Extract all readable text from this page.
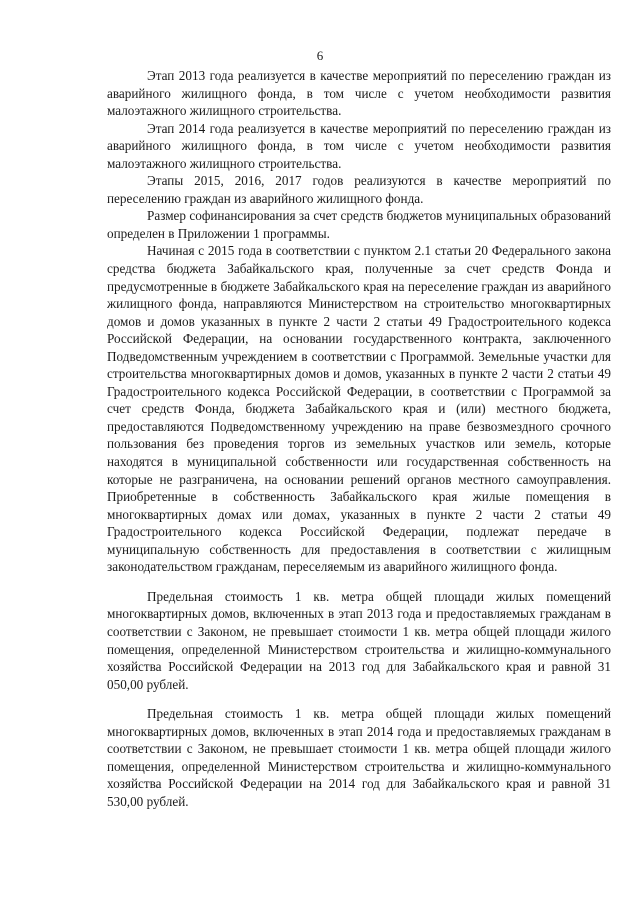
6

Этап 2013 года реализуется в качестве мероприятий по переселению граждан из аварийного жилищного фонда, в том числе с учетом необходимости развития малоэтажного жилищного строительства.

Этап 2014 года реализуется в качестве мероприятий по переселению граждан из аварийного жилищного фонда, в том числе с учетом необходимости развития малоэтажного жилищного строительства.

Этапы 2015, 2016, 2017 годов реализуются в качестве мероприятий по переселению граждан из аварийного жилищного фонда.

Размер софинансирования за счет средств бюджетов муниципальных образований определен в Приложении 1 программы.

Начиная с 2015 года в соответствии с пунктом 2.1 статьи 20 Федерального закона средства бюджета Забайкальского края, полученные за счет средств Фонда и предусмотренные в бюджете Забайкальского края на переселение граждан из аварийного жилищного фонда, направляются Министерством на строительство многоквартирных домов и домов указанных в пункте 2 части 2 статьи 49 Градостроительного кодекса Российской Федерации, на основании государственного контракта, заключенного Подведомственным учреждением в соответствии с Программой. Земельные участки для строительства многоквартирных домов и домов, указанных в пункте 2 части 2 статьи 49 Градостроительного кодекса Российской Федерации, в соответствии с Программой за счет средств Фонда, бюджета Забайкальского края и (или) местного бюджета, предоставляются Подведомственному учреждению на праве безвозмездного срочного пользования без проведения торгов из земельных участков или земель, которые находятся в муниципальной собственности или государственная собственность на которые не разграничена, на основании решений органов местного самоуправления. Приобретенные в собственность Забайкальского края жилые помещения в многоквартирных домах или домах, указанных в пункте 2 части 2 статьи 49 Градостроительного кодекса Российской Федерации, подлежат передаче в муниципальную собственность для предоставления в соответствии с жилищным законодательством гражданам, переселяемым из аварийного жилищного фонда.

Предельная стоимость 1 кв. метра общей площади жилых помещений многоквартирных домов, включенных в этап 2013 года и предоставляемых гражданам в соответствии с Законом, не превышает стоимости 1 кв. метра общей площади жилого помещения, определенной Министерством строительства и жилищно-коммунального хозяйства Российской Федерации на 2013 год для Забайкальского края и равной 31 050,00 рублей.

Предельная стоимость 1 кв. метра общей площади жилых помещений многоквартирных домов, включенных в этап 2014 года и предоставляемых гражданам в соответствии с Законом, не превышает стоимости 1 кв. метра общей площади жилого помещения, определенной Министерством строительства и жилищно-коммунального хозяйства Российской Федерации на 2014 год для Забайкальского края и равной 31 530,00 рублей.
